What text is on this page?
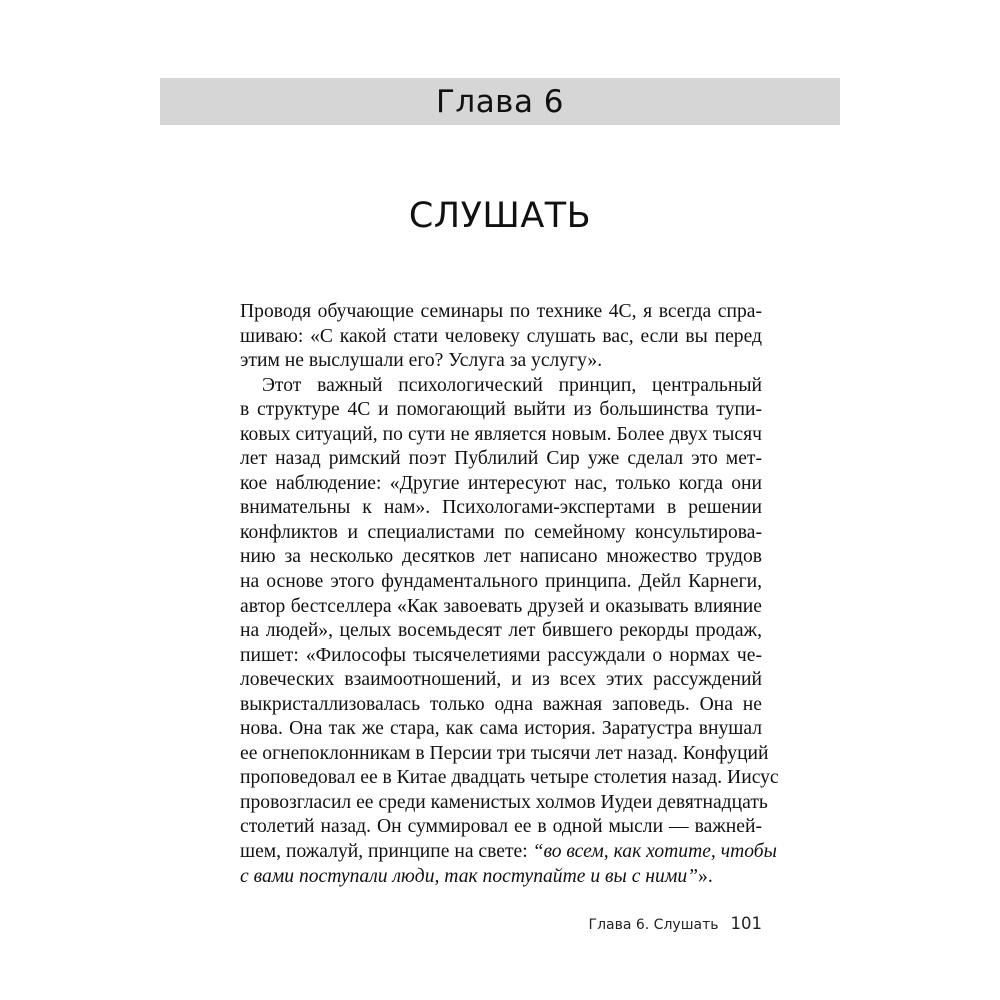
Глава 6
СЛУШАТЬ
Проводя обучающие семинары по технике 4С, я всегда спра-
шиваю: «С какой стати человеку слушать вас, если вы перед
этим не выслушали его? Услуга за услугу».
Этот важный психологический принцип, центральный
в структуре 4С и помогающий выйти из большинства тупи-
ковых ситуаций, по сути не является новым. Более двух тысяч
лет назад римский поэт Публилий Сир уже сделал это мет-
кое наблюдение: «Другие интересуют нас, только когда они
внимательны к нам». Психологами-экспертами в решении
конфликтов и специалистами по семейному консультирова-
нию за несколько десятков лет написано множество трудов
на основе этого фундаментального принципа. Дейл Карнеги,
автор бестселлера «Как завоевать друзей и оказывать влияние
на людей», целых восемьдесят лет бившего рекорды продаж,
пишет: «Философы тысячелетиями рассуждали о нормах че-
ловеческих взаимоотношений, и из всех этих рассуждений
выкристаллизовалась только одна важная заповедь. Она не
нова. Она так же стара, как сама история. Заратустра внушал
ее огнепоклонникам в Персии три тысячи лет назад. Конфуций
проповедовал ее в Китае двадцать четыре столетия назад. Иисус
провозгласил ее среди каменистых холмов Иудеи девятнадцать
столетий назад. Он суммировал ее в одной мысли — важней-
шем, пожалуй, принципе на свете: “во всем, как хотите, чтобы
с вами поступали люди, так поступайте и вы с ними”».
Глава 6. Слушать 101
